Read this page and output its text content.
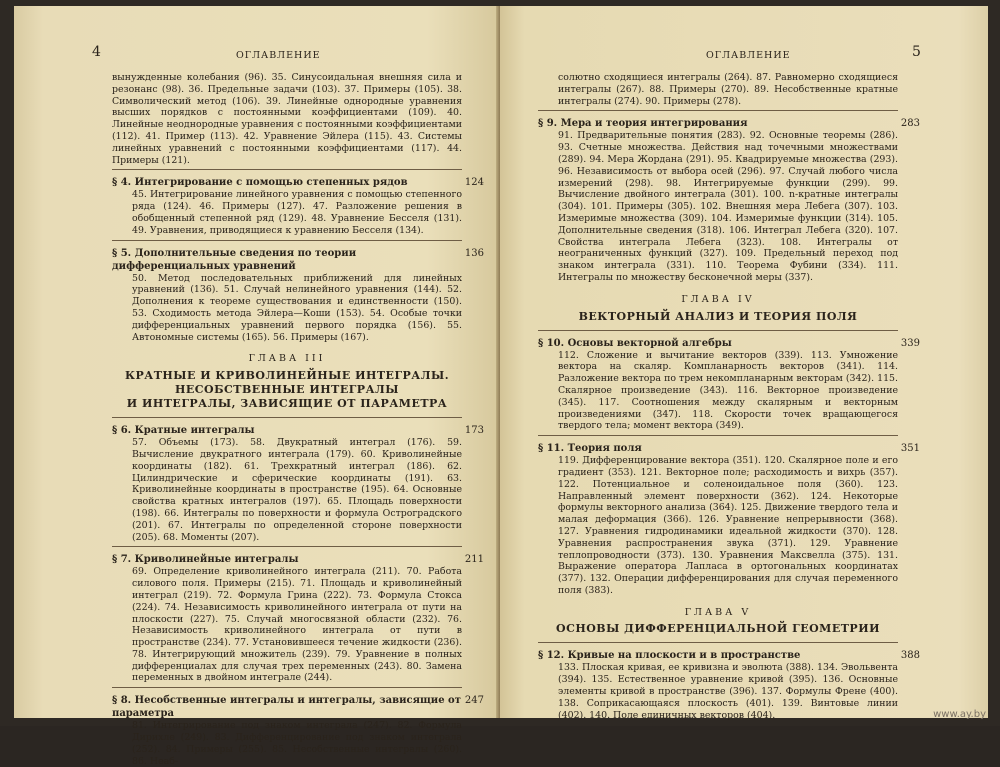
4	ОГЛАВЛЕНИЕ

вынужденные колебания (96). 35. Синусоидальная внешняя сила и резонанс (98). 36. Предельные задачи (103). 37. Примеры (105). 38. Символический метод (106). 39. Линейные однородные уравнения высших порядков с постоянными коэффициентами (109). 40. Линейные неоднородные уравнения с постоянными коэффициентами (112). 41. Пример (113). 42. Уравнение Эйлера (115). 43. Системы линейных уравнений с постоянными коэффициентами (117). 44. Примеры (121).

§ 4. Интегрирование с помощью степенных рядов	124

45. Интегрирование линейного уравнения с помощью степенного ряда (124). 46. Примеры (127). 47. Разложение решения в обобщенный степенной ряд (129). 48. Уравнение Бесселя (131). 49. Уравнения, приводящиеся к уравнению Бесселя (134).

§ 5. Дополнительные сведения по теории дифференциальных уравнений
136

50. Метод последовательных приближений для линейных уравнений (136). 51. Случай нелинейного уравнения (144). 52. Дополнения к теореме существования и единственности (150). 53. Сходимость метода Эйлера—Коши (153). 54. Особые точки дифференциальных уравнений первого порядка (156). 55. Автономные системы (165). 56. Примеры (167).

ГЛАВА III
КРАТНЫЕ И КРИВОЛИНЕЙНЫЕ ИНТЕГРАЛЫ.
НЕСОБСТВЕННЫЕ ИНТЕГРАЛЫ
И ИНТЕГРАЛЫ, ЗАВИСЯЩИЕ ОТ ПАРАМЕТРА
§ 6. Кратные интегралы	173

57. Объемы (173). 58. Двукратный интеграл (176). 59. Вычисление двукратного интеграла (179). 60. Криволинейные координаты (182). 61. Трехкратный интеграл (186). 62. Цилиндрические и сферические координаты (191). 63. Криволинейные координаты в пространстве (195). 64. Основные свойства кратных интегралов (197). 65. Площадь поверхности (198). 66. Интегралы по поверхности и формула Остроградского (201). 67. Интегралы по определенной стороне поверхности (205). 68. Моменты (207).

§ 7. Криволинейные интегралы	211

69. Определение криволинейного интеграла (211). 70. Работа силового поля. Примеры (215). 71. Площадь и криволинейный интеграл (219). 72. Формула Грина (222). 73. Формула Стокса (224). 74. Независимость криволинейного интеграла от пути на плоскости (227). 75. Случай многосвязной области (232). 76. Независимость криволинейного интеграла от пути в пространстве (234). 77. Установившееся течение жидкости (236). 78. Интегрирующий множитель (239). 79. Уравнение в полных дифференциалах для случая трех переменных (243). 80. Замена переменных в двойном интеграле (244).

§ 8. Несобственные интегралы и интегралы, зависящие от параметра
247

81. Интегрирование под знаком интеграла (247). 82. Формула Дирихле (249). 83. Дифференцирование под знаком интеграла (252). 84. Примеры (255). 85. Несобственные интегралы (260). 86. Неаб-

ОГЛАВЛЕНИЕ	5

солютно сходящиеся интегралы (264). 87. Равномерно сходящиеся интегралы (267). 88. Примеры (270). 89. Несобственные кратные интегралы (274). 90. Примеры (278).

§ 9. Мера и теория интегрирования	283

91. Предварительные понятия (283). 92. Основные теоремы (286). 93. Счетные множества. Действия над точечными множествами (289). 94. Мера Жордана (291). 95. Квадрируемые множества (293). 96. Независимость от выбора осей (296). 97. Случай любого числа измерений (298). 98. Интегрируемые функции (299). 99. Вычисление двойного интеграла (301). 100. n-кратные интегралы (304). 101. Примеры (305). 102. Внешняя мера Лебега (307). 103. Измеримые множества (309). 104. Измеримые функции (314). 105. Дополнительные сведения (318). 106. Интеграл Лебега (320). 107. Свойства интеграла Лебега (323). 108. Интегралы от неограниченных функций (327). 109. Предельный переход под знаком интеграла (331). 110. Теорема Фубини (334). 111. Интегралы по множеству бесконечной меры (337).

ГЛАВА IV
ВЕКТОРНЫЙ АНАЛИЗ И ТЕОРИЯ ПОЛЯ
§ 10. Основы векторной алгебры	339

112. Сложение и вычитание векторов (339). 113. Умножение вектора на скаляр. Компланарность векторов (341). 114. Разложение вектора по трем некомпланарным векторам (342). 115. Скалярное произведение (343). 116. Векторное произведение (345). 117. Соотношения между скалярным и векторным произведениями (347). 118. Скорости точек вращающегося твердого тела; момент вектора (349).

§ 11. Теория поля	351

119. Дифференцирование вектора (351). 120. Скалярное поле и его градиент (353). 121. Векторное поле; расходимость и вихрь (357). 122. Потенциальное и соленоидальное поля (360). 123. Направленный элемент поверхности (362). 124. Некоторые формулы векторного анализа (364). 125. Движение твердого тела и малая деформация (366). 126. Уравнение непрерывности (368). 127. Уравнения гидродинамики идеальной жидкости (370). 128. Уравнения распространения звука (371). 129. Уравнение теплопроводности (373). 130. Уравнения Максвелла (375). 131. Выражение оператора Лапласа в ортогональных координатах (377). 132. Операции дифференцирования для случая переменного поля (383).

ГЛАВА V
ОСНОВЫ ДИФФЕРЕНЦИАЛЬНОЙ ГЕОМЕТРИИ
§ 12. Кривые на плоскости и в пространстве	388

133. Плоская кривая, ее кривизна и эволюта (388). 134. Эвольвента (394). 135. Естественное уравнение кривой (395). 136. Основные элементы кривой в пространстве (396). 137. Формулы Френе (400). 138. Соприкасающаяся плоскость (401). 139. Винтовые линии (402). 140. Поле единичных векторов (404).	www.ay.by
